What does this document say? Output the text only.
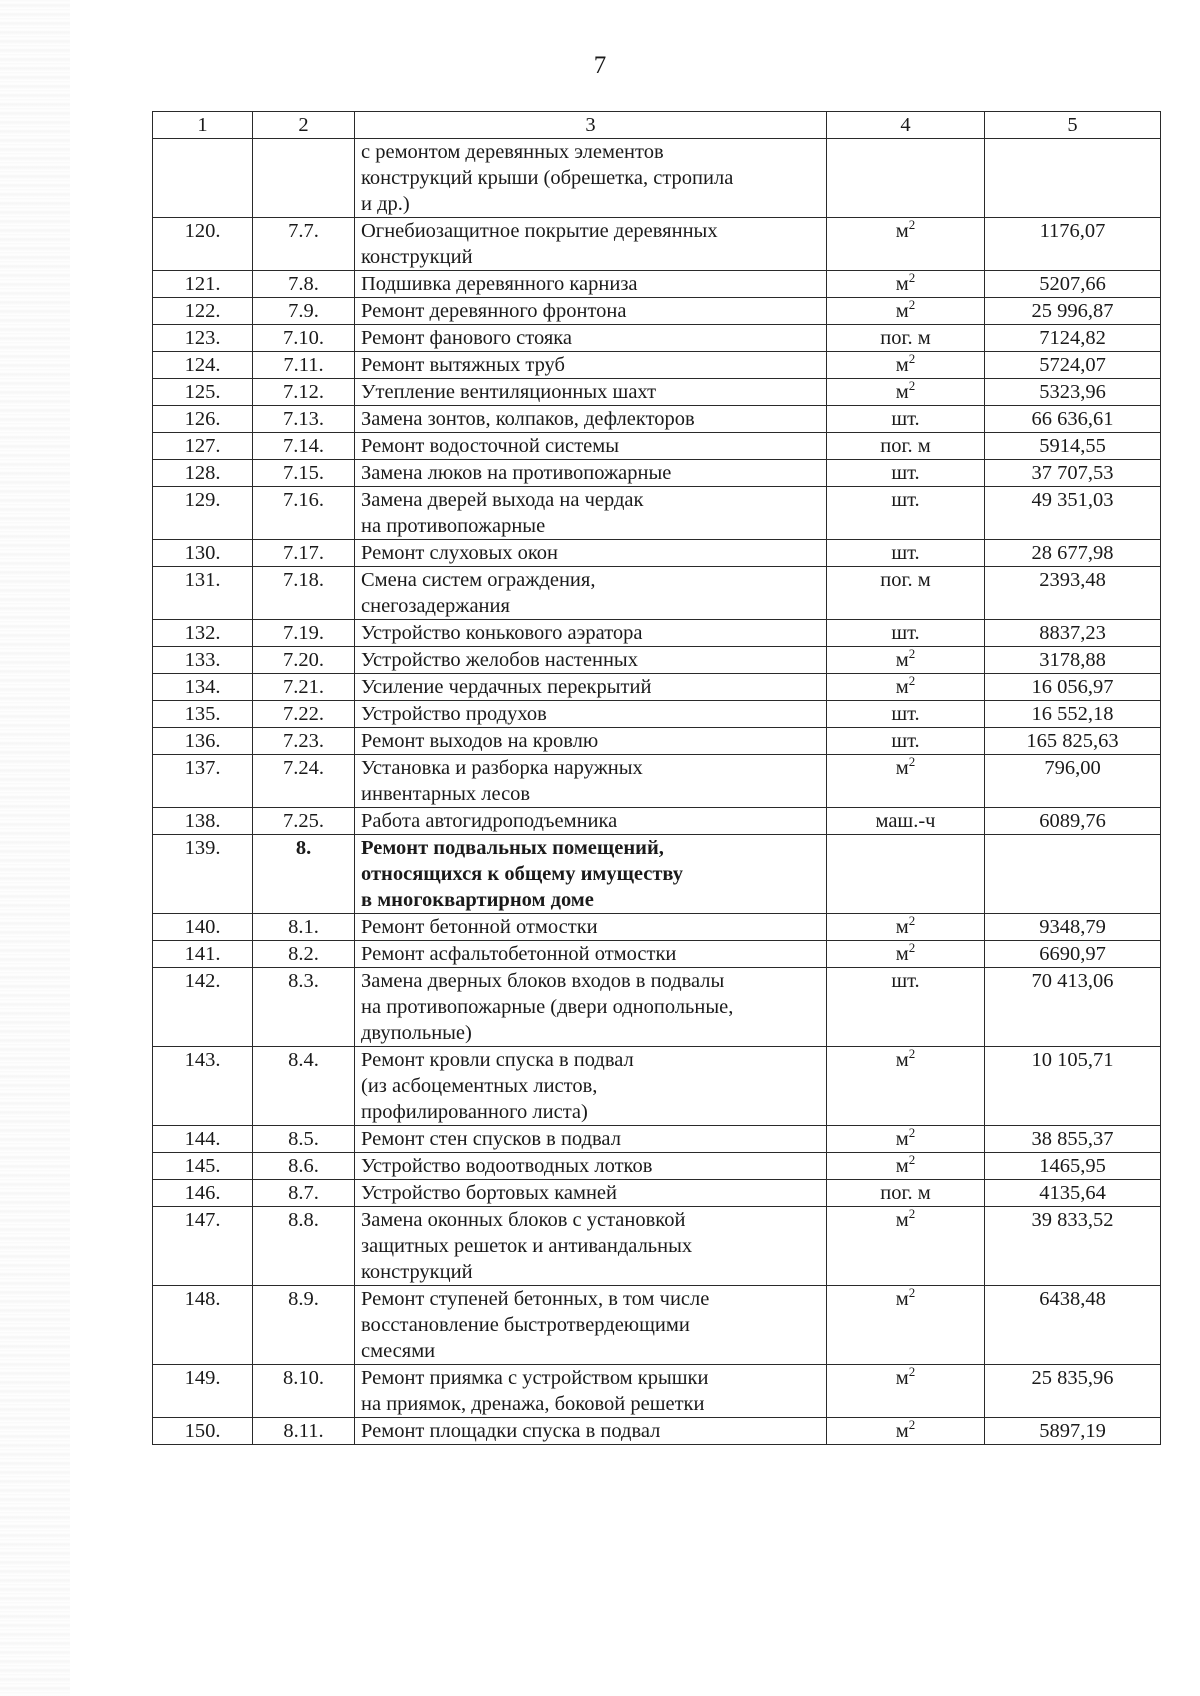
7
1	2	3	4	5

		с ремонтом деревянных элементов
конструкций крыши (обрешетка, стропила
и др.)		

120.	7.7.	Огнебиозащитное покрытие деревянных
конструкций	$м^2$	1176,07
121.	7.8.	Подшивка деревянного карниза	$м^2$	5207,66
122.	7.9.	Ремонт деревянного фронтона	$м^2$	25 996,87
123.	7.10.	Ремонт фанового стояка	пог. м	7124,82
124.	7.11.	Ремонт вытяжных труб	$м^2$	5724,07
125.	7.12.	Утепление вентиляционных шахт	$м^2$	5323,96
126.	7.13.	Замена зонтов, колпаков, дефлекторов	шт.	66 636,61
127.	7.14.	Ремонт водосточной системы	пог. м	5914,55
128.	7.15.	Замена люков на противопожарные	шт.	37 707,53
129.	7.16.	Замена дверей выхода на чердак
на противопожарные	шт.	49 351,03
130.	7.17.	Ремонт слуховых окон	шт.	28 677,98
131.	7.18.	Смена систем ограждения,
снегозадержания	пог. м	2393,48
132.	7.19.	Устройство конькового аэратора	шт.	8837,23
133.	7.20.	Устройство желобов настенных	$м^2$	3178,88
134.	7.21.	Усиление чердачных перекрытий	$м^2$	16 056,97
135.	7.22.	Устройство продухов	шт.	16 552,18
136.	7.23.	Ремонт выходов на кровлю	шт.	165 825,63
137.	7.24.	Установка и разборка наружных
инвентарных лесов	$м^2$	796,00
138.	7.25.	Работа автогидроподъемника	маш.-ч	6089,76
139.	8.	Ремонт подвальных помещений,
относящихся к общему имуществу
в многоквартирном доме		

140.	8.1.	Ремонт бетонной отмостки	$м^2$	9348,79
141.	8.2.	Ремонт асфальтобетонной отмостки	$м^2$	6690,97
142.	8.3.	Замена дверных блоков входов в подвалы
на противопожарные (двери однопольные,
двупольные)	шт.	70 413,06
143.	8.4.	Ремонт кровли спуска в подвал
(из асбоцементных листов,
профилированного листа)	$м^2$	10 105,71
144.	8.5.	Ремонт стен спусков в подвал	$м^2$	38 855,37
145.	8.6.	Устройство водоотводных лотков	$м^2$	1465,95
146.	8.7.	Устройство бортовых камней	пог. м	4135,64
147.	8.8.	Замена оконных блоков с установкой
защитных решеток и антивандальных
конструкций	$м^2$	39 833,52
148.	8.9.	Ремонт ступеней бетонных, в том числе
восстановление быстротвердеющими
смесями	$м^2$	6438,48
149.	8.10.	Ремонт приямка с устройством крышки
на приямок, дренажа, боковой решетки	$м^2$	25 835,96
150.	8.11.	Ремонт площадки спуска в подвал	$м^2$	5897,19
